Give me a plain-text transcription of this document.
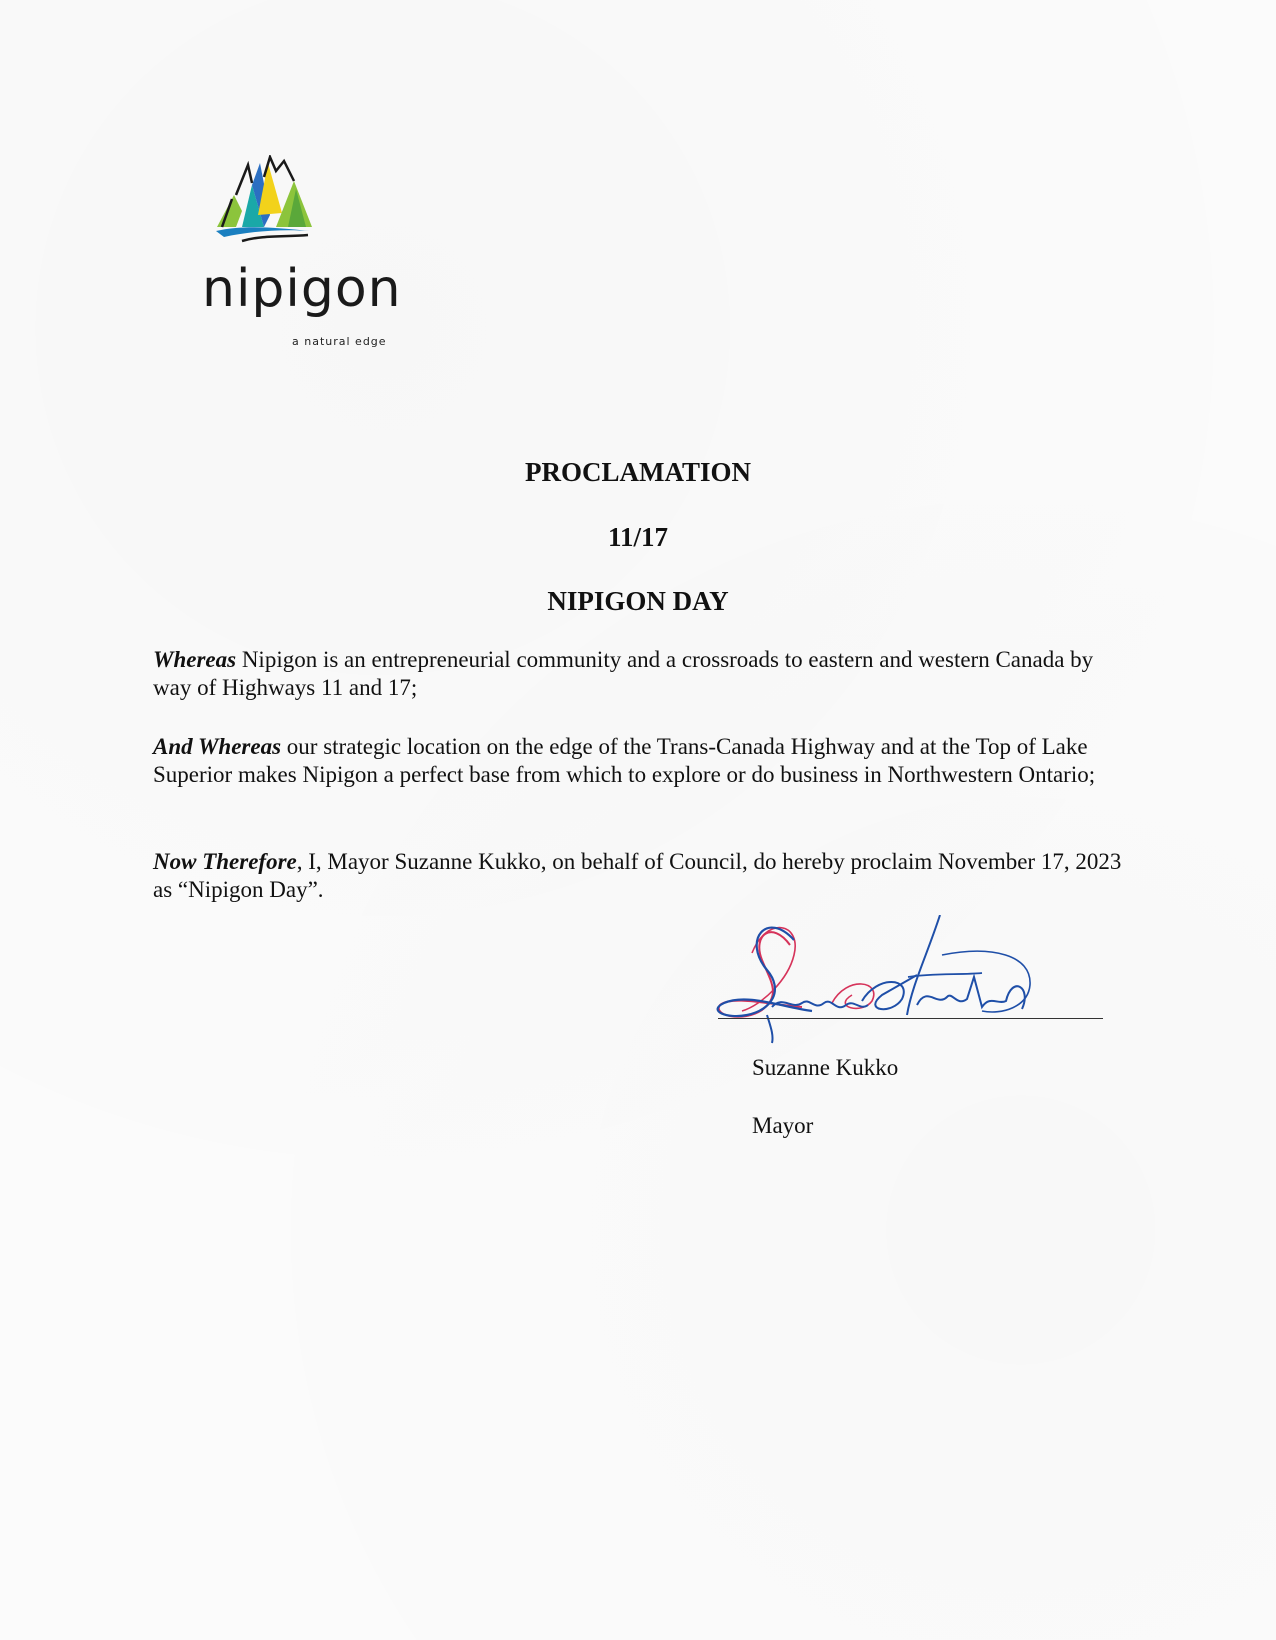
nipigon
a natural edge
PROCLAMATION
11/17
NIPIGON DAY

Whereas Nipigon is an entrepreneurial community and a crossroads to eastern and western Canada by way of Highways 11 and 17;

And Whereas our strategic location on the edge of the Trans-Canada Highway and at the Top of Lake Superior makes Nipigon a perfect base from which to explore or do business in Northwestern Ontario;

Now Therefore, I, Mayor Suzanne Kukko, on behalf of Council, do hereby proclaim November 17, 2023 as “Nipigon Day”.

Suzanne Kukko
Mayor
